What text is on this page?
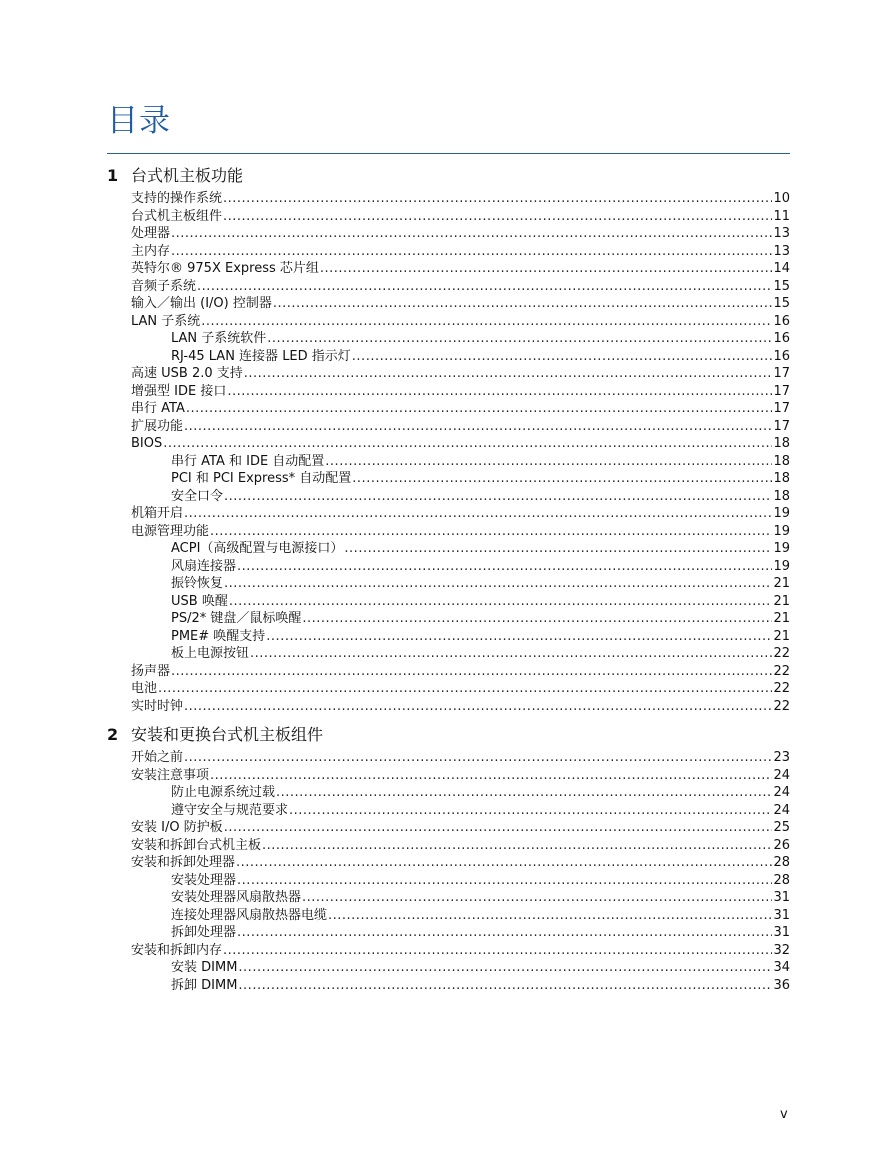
目录
1 台式机主板功能
支持的操作系统 .....	10
台式机主板组件 .....	11
处理器 .....	13
主内存 .....	13
英特尔® 975X Express 芯片组 .....	14
音频子系统 .....	15
输入／输出 (I/O) 控制器 .....	15
LAN 子系统 .....	16
LAN 子系统软件 .....	16
RJ-45 LAN 连接器 LED 指示灯 .....	16
高速 USB 2.0 支持 .....	17
增强型 IDE 接口 .....	17
串行 ATA .....	17
扩展功能 .....	17
BIOS .....	18
串行 ATA 和 IDE 自动配置 .....	18
PCI 和 PCI Express* 自动配置 .....	18
安全口令 .....	18
机箱开启 .....	19
电源管理功能 .....	19
ACPI（高级配置与电源接口） .....	19
风扇连接器 .....	19
振铃恢复 .....	21
USB 唤醒 .....	21
PS/2* 键盘／鼠标唤醒 .....	21
PME# 唤醒支持 .....	21
板上电源按钮 .....	22
扬声器 .....	22
电池 .....	22
实时时钟 .....	22
2 安装和更换台式机主板组件
开始之前 .....	23
安装注意事项 .....	24
防止电源系统过载 .....	24
遵守安全与规范要求 .....	24
安装 I/O 防护板 .....	25
安装和拆卸台式机主板 .....	26
安装和拆卸处理器 .....	28
安装处理器 .....	28
安装处理器风扇散热器 .....	31
连接处理器风扇散热器电缆 .....	31
拆卸处理器 .....	31
安装和拆卸内存 .....	32
安装 DIMM .....	34
拆卸 DIMM .....	36
v
